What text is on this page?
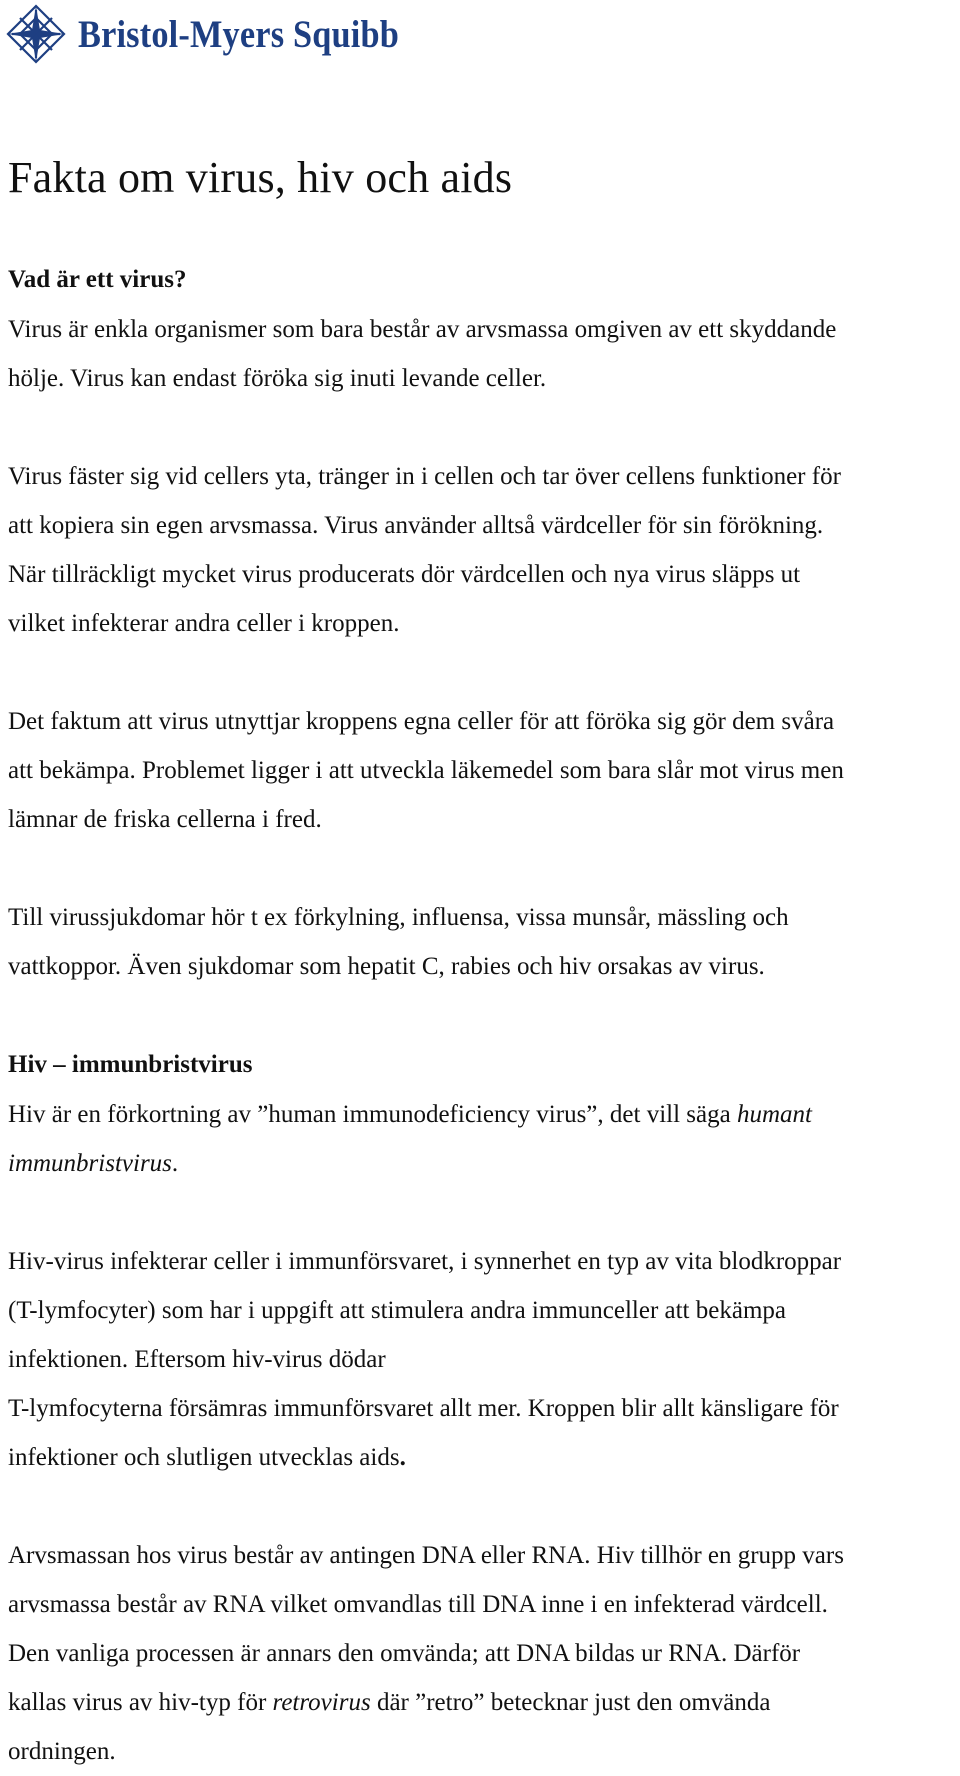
Bristol-Myers Squibb
Fakta om virus, hiv och aids
Vad är ett virus?

Virus är enkla organismer som bara består av arvsmassa omgiven av ett skyddande

hölje. Virus kan endast föröka sig inuti levande celler.

Virus fäster sig vid cellers yta, tränger in i cellen och tar över cellens funktioner för

att kopiera sin egen arvsmassa. Virus använder alltså värdceller för sin förökning.

När tillräckligt mycket virus producerats dör värdcellen och nya virus släpps ut

vilket infekterar andra celler i kroppen.

Det faktum att virus utnyttjar kroppens egna celler för att föröka sig gör dem svåra

att bekämpa. Problemet ligger i att utveckla läkemedel som bara slår mot virus men

lämnar de friska cellerna i fred.

Till virussjukdomar hör t ex förkylning, influensa, vissa munsår, mässling och

vattkoppor. Även sjukdomar som hepatit C, rabies och hiv orsakas av virus.

Hiv – immunbristvirus

Hiv är en förkortning av ”human immunodeficiency virus”, det vill säga humant

immunbristvirus.

Hiv-virus infekterar celler i immunförsvaret, i synnerhet en typ av vita blodkroppar

(T-lymfocyter) som har i uppgift att stimulera andra immunceller att bekämpa

infektionen. Eftersom hiv-virus dödar

T-lymfocyterna försämras immunförsvaret allt mer. Kroppen blir allt känsligare för

infektioner och slutligen utvecklas aids.

Arvsmassan hos virus består av antingen DNA eller RNA. Hiv tillhör en grupp vars

arvsmassa består av RNA vilket omvandlas till DNA inne i en infekterad värdcell.

Den vanliga processen är annars den omvända; att DNA bildas ur RNA. Därför

kallas virus av hiv-typ för retrovirus där ”retro” betecknar just den omvända

ordningen.
